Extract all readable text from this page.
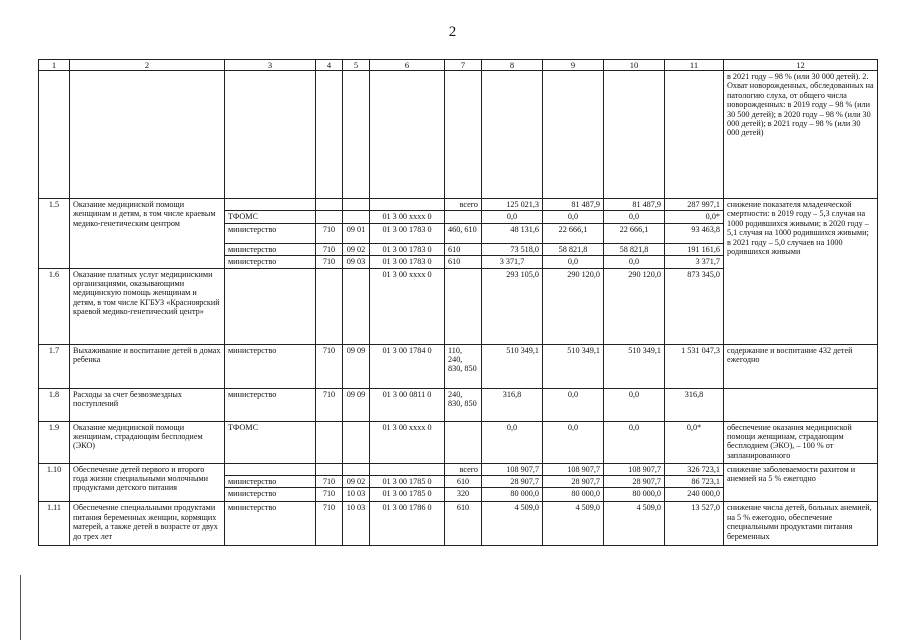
2
1	2	3	4	5	6	7	8	9	10	11	12
											в 2021 году – 98 % (или 30 000 детей). 2. Охват новорожденных, обследованных на патологию слуха, от общего числа новорожденных: в 2019 году – 98 % (или 30 500 детей); в 2020 году – 98 % (или 30 000 детей); в 2021 году – 98 % (или 30 000 детей)
1.5	Оказание медицинской помощи женщинам и детям, в том числе краевым медико-генетическим центром					всего	125 021,3	81 487,9	81 487,9	287 997,1	снижение показателя младенческой смертности: в 2019 году – 5,3 случая на 1000 родившихся живыми; в 2020 году – 5,1 случая на 1000 родившихся живыми; в 2021 году – 5,0 случаев на 1000 родившихся живыми
		ТФОМС			01 3 00 xxxx 0		0,0	0,0	0,0	0,0*	
		министерство	710	09 01	01 3 00 1783 0	460, 610	48 131,6	22 666,1	22 666,1	93 463,8	
		министерство	710	09 02	01 3 00 1783 0	610	73 518,0	58 821,8	58 821,8	191 161,6	
		министерство	710	09 03	01 3 00 1783 0	610	3 371,7	0,0	0,0	3 371,7	
1.6	Оказание платных услуг медицинскими организациями, оказывающими медицинскую помощь женщинам и детям, в том числе КГБУЗ «Красноярский краевой медико-генетический центр»				01 3 00 xxxx 0		293 105,0	290 120,0	290 120,0	873 345,0	
1.7	Выхаживание и воспитание детей в домах ребенка	министерство	710	09 09	01 3 00 1784 0	110, 240, 830, 850	510 349,1	510 349,1	510 349,1	1 531 047,3	содержание и воспитание 432 детей ежегодно
1.8	Расходы за счет безвозмездных поступлений	министерство	710	09 09	01 3 00 0811 0	240, 830, 850	316,8	0,0	0,0	316,8	
1.9	Оказание медицинской помощи женщинам, страдающим бесплодием (ЭКО)	ТФОМС			01 3 00 xxxx 0		0,0	0,0	0,0	0,0*	обеспечение оказания медицинской помощи женщинам, страдающим бесплодием (ЭКО), – 100 % от запланированного
1.10	Обеспечение детей первого и второго года жизни специальными молочными продуктами детского питания					всего	108 907,7	108 907,7	108 907,7	326 723,1	снижение заболеваемости рахитом и анемией на 5 % ежегодно
		министерство	710	09 02	01 3 00 1785 0	610	28 907,7	28 907,7	28 907,7	86 723,1	
		министерство	710	10 03	01 3 00 1785 0	320	80 000,0	80 000,0	80 000,0	240 000,0	
1.11	Обеспечение специальными продуктами питания беременных женщин, кормящих матерей, а также детей в возрасте от двух до трех лет	министерство	710	10 03	01 3 00 1786 0	610	4 509,0	4 509,0	4 509,0	13 527,0	снижение числа детей, больных анемией, на 5 % ежегодно, обеспечение специальными продуктами питания беременных
